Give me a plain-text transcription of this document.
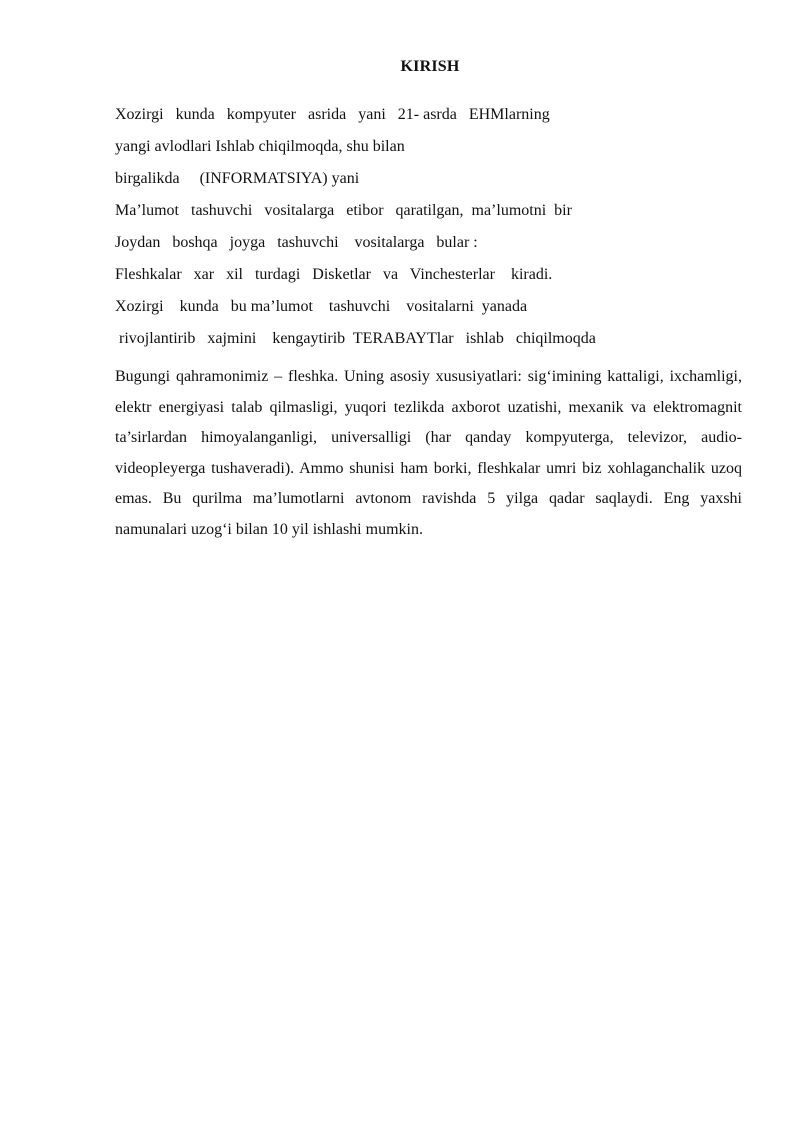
KIRISH
Xozirgi   kunda   kompyuter   asrida   yani   21- asrda   EHMlarning
yangi avlodlari Ishlab chiqilmoqda, shu bilan
birgalikda     (INFORMATSIYA) yani
Ma’lumot   tashuvchi   vositalarga   etibor   qaratilgan,  ma’lumotni  bir
Joydan   boshqa   joyga   tashuvchi    vositalarga   bular :
Fleshkalar   xar   xil   turdagi   Disketlar   va   Vinchesterlar    kiradi.
Xozirgi    kunda   bu ma’lumot    tashuvchi    vositalarni  yanada
rivojlantirib   xajmini    kengaytirib  TERABAYTlar   ishlab   chiqilmoqda
Bugungi qahramonimiz – fleshka. Uning asosiy xususiyatlari: sig‘imining kattaligi, ixchamligi, elektr energiyasi talab qilmasligi, yuqori tezlikda axborot uzatishi, mexanik va elektromagnit ta’sirlardan himoyalanganligi, universalligi (har qanday kompyuterga, televizor, audio- videopleyerga tushaveradi). Ammo shunisi ham borki, fleshkalar umri biz xohlaganchalik uzoq emas. Bu qurilma ma’lumotlarni avtonom ravishda 5 yilga qadar saqlaydi. Eng yaxshi namunalari uzog‘i bilan 10 yil ishlashi mumkin.
